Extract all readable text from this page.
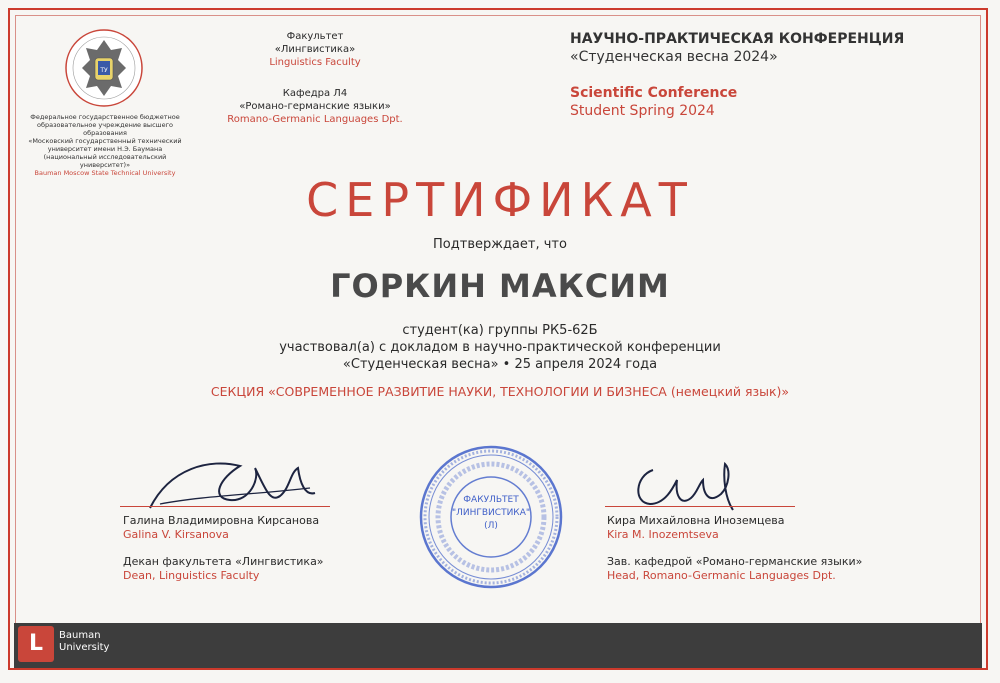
ТУ
Федеральное государственное бюджетное
образовательное учреждение высшего образования
«Московский государственный технический
университет имени Н.Э. Баумана
(национальный исследовательский университет)»
Bauman Moscow State Technical University
Факультет
«Лингвистика»
Linguistics Faculty
Кафедра Л4
«Романо-германские языки»
Romano-Germanic Languages Dpt.
НАУЧНО-ПРАКТИЧЕСКАЯ КОНФЕРЕНЦИЯ
«Студенческая весна 2024»
Scientific Conference
Student Spring 2024
СЕРТИФИКАТ
Подтверждает, что
ГОРКИН МАКСИМ
студент(ка) группы РК5-62Б
участвовал(а) с докладом в научно-практической конференции
«Студенческая весна» • 25 апреля 2024 года
СЕКЦИЯ «СОВРЕМЕННОЕ РАЗВИТИЕ НАУКИ, ТЕХНОЛОГИИ И БИЗНЕСА (немецкий язык)»
Галина Владимировна Кирсанова
Galina V. Kirsanova
Декан факультета «Лингвистика»
Dean, Linguistics Faculty
ФАКУЛЬТЕТ
"ЛИНГВИСТИКА"
(Л)	Кира Михайловна Иноземцева
Kira M. Inozemtseva
Зав. кафедрой «Романо-германские языки»
Head, Romano-Germanic Languages Dpt.
L	Bauman
University
